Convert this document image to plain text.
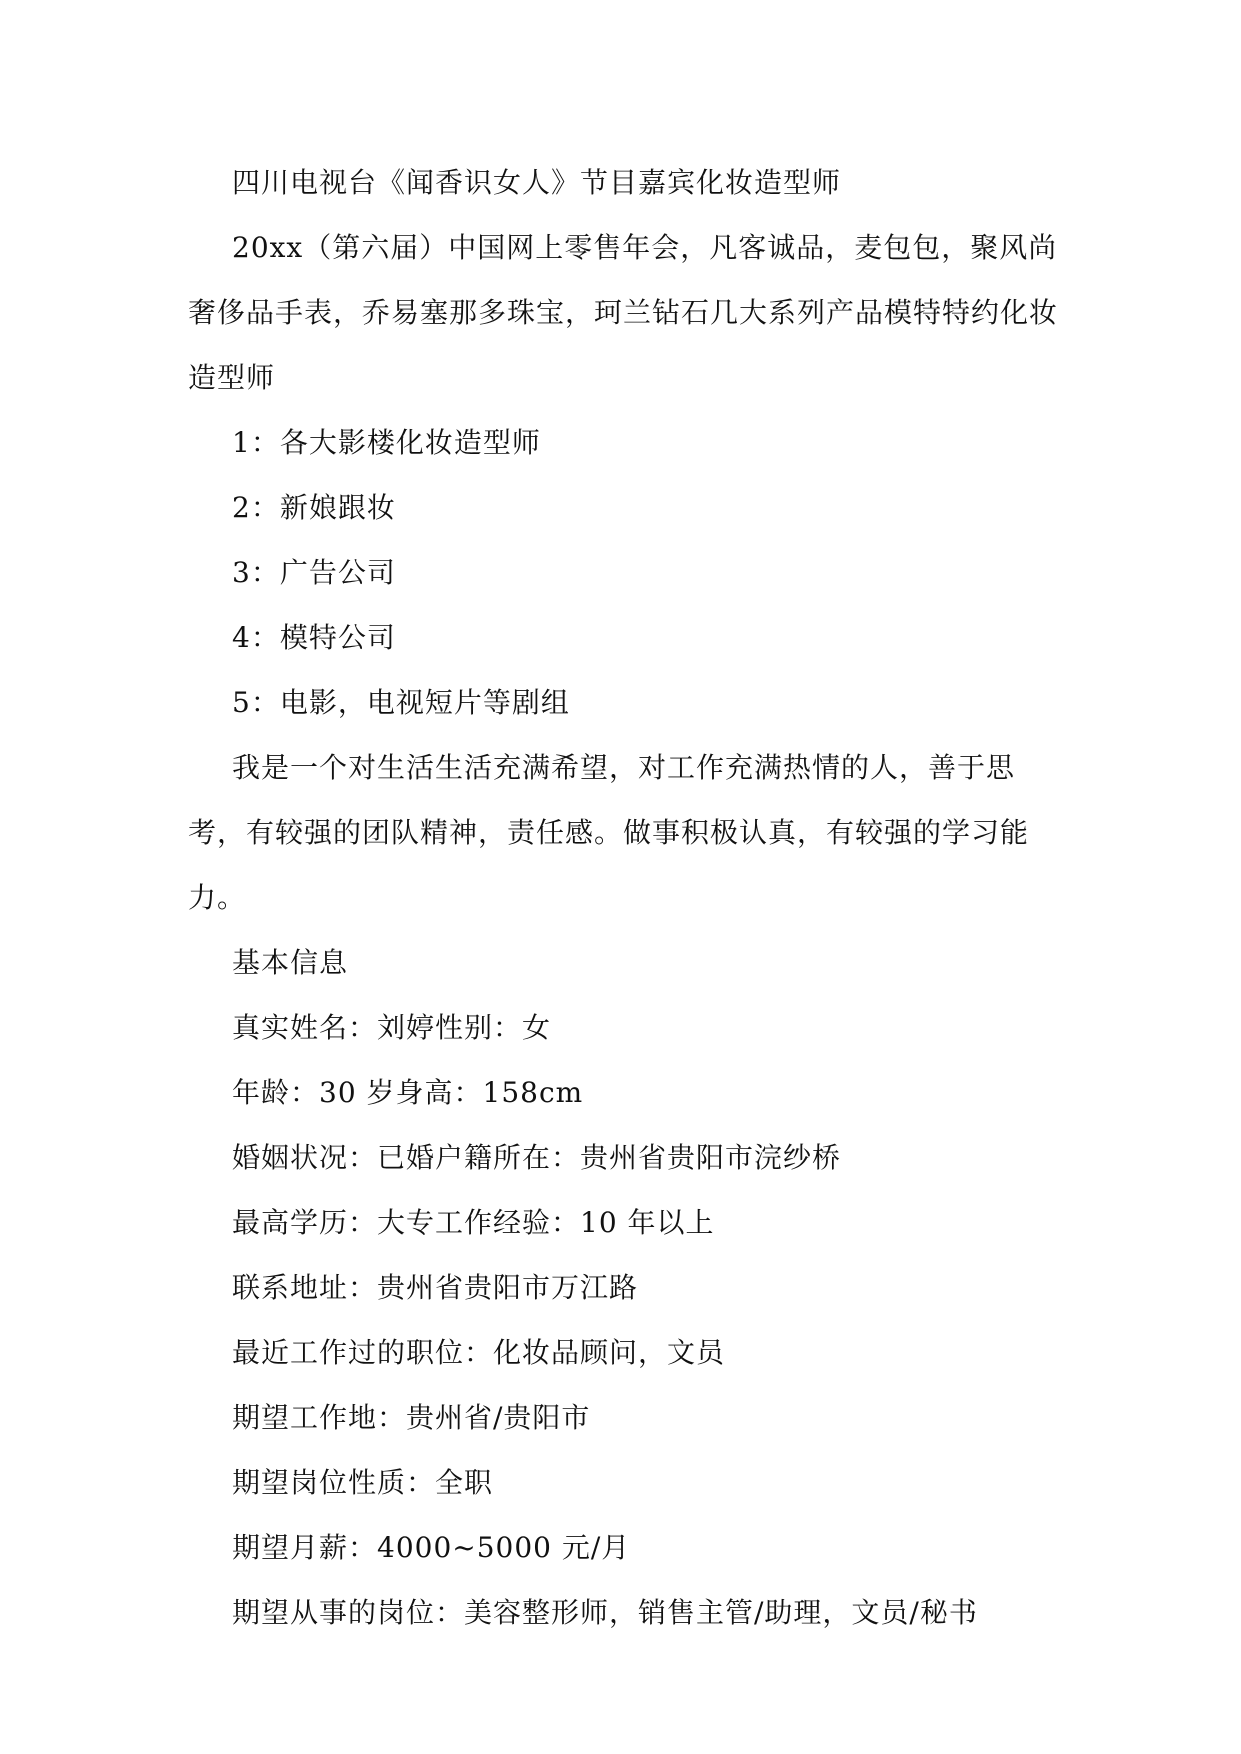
四川电视台《闻香识女人》节目嘉宾化妆造型师

20xx（第六届）中国网上零售年会，凡客诚品，麦包包，聚风尚奢侈品手表，乔易塞那多珠宝，珂兰钻石几大系列产品模特特约化妆造型师

1：各大影楼化妆造型师

2：新娘跟妆

3：广告公司

4：模特公司

5：电影，电视短片等剧组

我是一个对生活生活充满希望，对工作充满热情的人，善于思考，有较强的团队精神，责任感。做事积极认真，有较强的学习能力。

基本信息

真实姓名：刘婷性别：女

年龄：30 岁身高：158cm

婚姻状况：已婚户籍所在：贵州省贵阳市浣纱桥

最高学历：大专工作经验：10 年以上

联系地址：贵州省贵阳市万江路

最近工作过的职位：化妆品顾问，文员

期望工作地：贵州省/贵阳市

期望岗位性质：全职

期望月薪：4000~5000 元/月

期望从事的岗位：美容整形师，销售主管/助理，文员/秘书
